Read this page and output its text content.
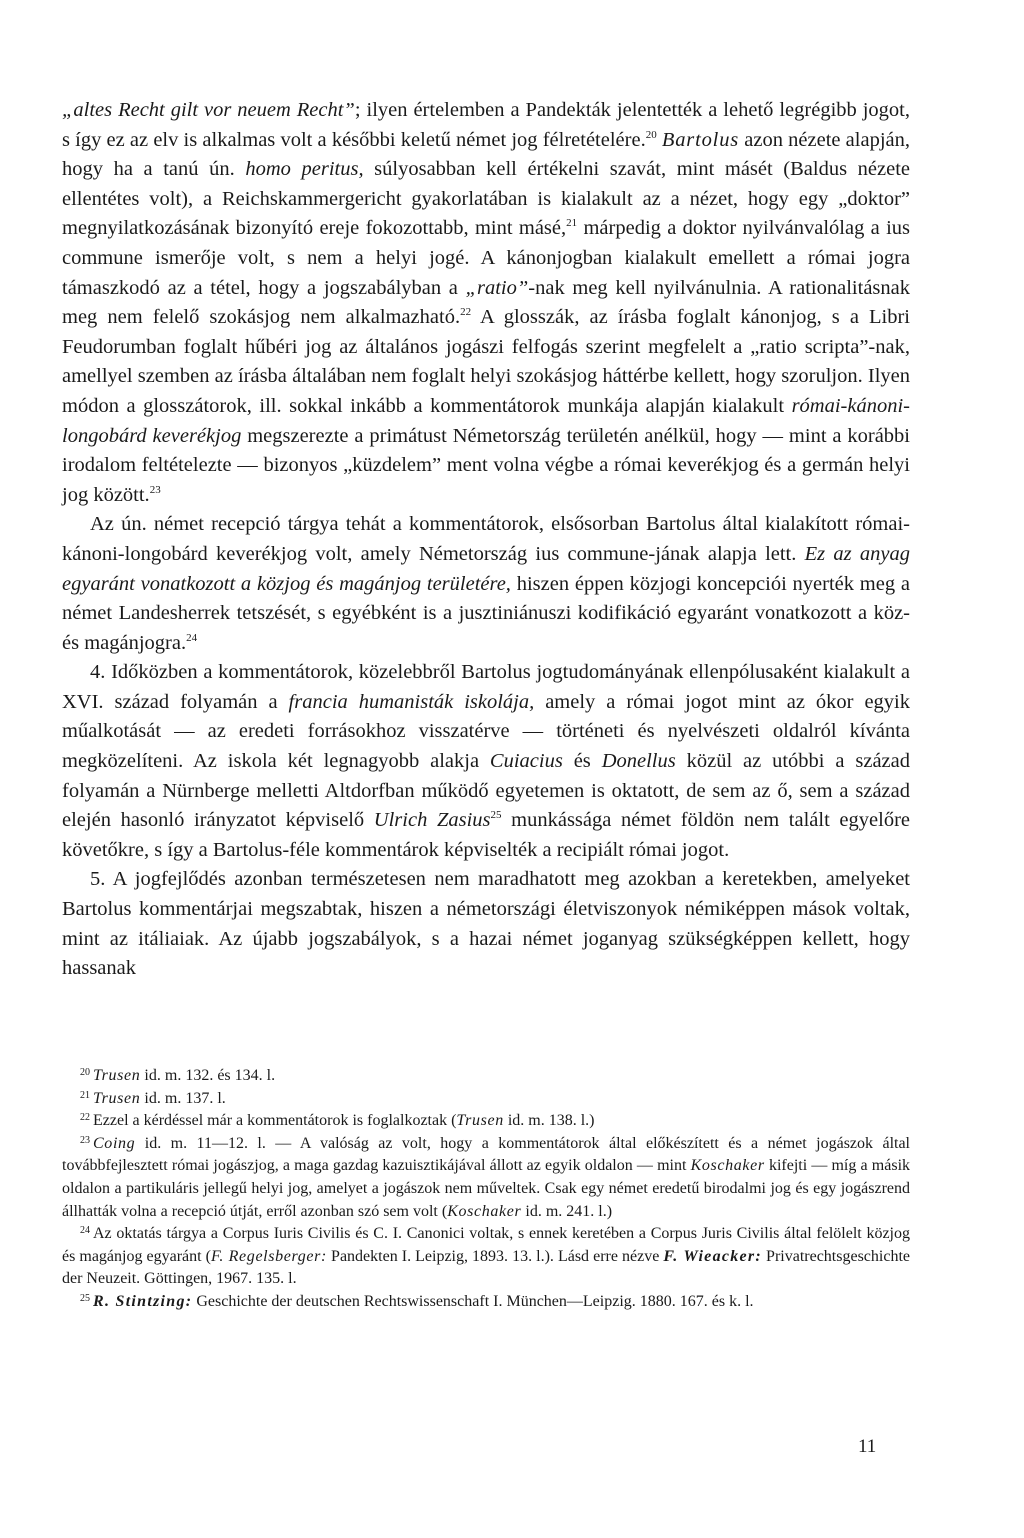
„altes Recht gilt vor neuem Recht”; ilyen értelemben a Pandekták jelentették a lehető legrégibb jogot, s így ez az elv is alkalmas volt a későbbi keletű német jog félretételére.$^{20}$ Bartolus azon nézete alapján, hogy ha a tanú ún. homo peritus, súlyosabban kell értékelni szavát, mint másét (Baldus nézete ellentétes volt), a Reichskammergericht gyakorlatában is kialakult az a nézet, hogy egy „doktor” megnyilatkozásának bizonyító ereje fokozottabb, mint másé,$^{21}$ márpedig a doktor nyilvánvalólag a ius commune ismerője volt, s nem a helyi jogé. A kánonjogban kialakult emellett a római jogra támaszkodó az a tétel, hogy a jogszabályban a „ratio”-nak meg kell nyilvánulnia. A rationalitásnak meg nem felelő szokásjog nem alkalmazható.$^{22}$ A glosszák, az írásba foglalt kánonjog, s a Libri Feudorumban foglalt hűbéri jog az általános jogászi felfogás szerint megfelelt a „ratio scripta”-nak, amellyel szemben az írásba általában nem foglalt helyi szokásjog háttérbe kellett, hogy szoruljon. Ilyen módon a glosszátorok, ill. sokkal inkább a kommentátorok munkája alapján kialakult római-kánoni-longobárd keverékjog megszerezte a primátust Németország területén anélkül, hogy — mint a korábbi irodalom feltételezte — bizonyos „küzdelem” ment volna végbe a római keverékjog és a germán helyi jog között.$^{23}$

Az ún. német recepció tárgya tehát a kommentátorok, elsősorban Bartolus által kialakított római-kánoni-longobárd keverékjog volt, amely Németország ius commune-jának alapja lett. Ez az anyag egyaránt vonatkozott a közjog és magánjog területére, hiszen éppen közjogi koncepciói nyerték meg a német Landesherrek tetszését, s egyébként is a jusztiniánuszi kodifikáció egyaránt vonatkozott a köz- és magánjogra.$^{24}$

4. Időközben a kommentátorok, közelebbről Bartolus jogtudományának ellenpólusaként kialakult a XVI. század folyamán a francia humanisták iskolája, amely a római jogot mint az ókor egyik műalkotását — az eredeti forrásokhoz visszatérve — történeti és nyelvészeti oldalról kívánta megközelíteni. Az iskola két legnagyobb alakja Cuiacius és Donellus közül az utóbbi a század folyamán a Nürnberge melletti Altdorfban működő egyetemen is oktatott, de sem az ő, sem a század elején hasonló irányzatot képviselő Ulrich Zasius$^{25}$ munkássága német földön nem talált egyelőre követőkre, s így a Bartolus-féle kommentárok képviselték a recipiált római jogot.

5. A jogfejlődés azonban természetesen nem maradhatott meg azokban a keretekben, amelyeket Bartolus kommentárjai megszabtak, hiszen a németországi életviszonyok némiképpen mások voltak, mint az itáliaiak. Az újabb jogszabályok, s a hazai német joganyag szükségképpen kellett, hogy hassanak

$^{20}$ Trusen id. m. 132. és 134. l.

$^{21}$ Trusen id. m. 137. l.

$^{22}$ Ezzel a kérdéssel már a kommentátorok is foglalkoztak (Trusen id. m. 138. l.)

$^{23}$ Coing id. m. 11—12. l. — A valóság az volt, hogy a kommentátorok által előkészített és a német jogászok által továbbfejlesztett római jogászjog, a maga gazdag kazuisztikájával állott az egyik oldalon — mint Koschaker kifejti — míg a másik oldalon a partikuláris jellegű helyi jog, amelyet a jogászok nem műveltek. Csak egy német eredetű birodalmi jog és egy jogászrend állhatták volna a recepció útját, erről azonban szó sem volt (Koschaker id. m. 241. l.)

$^{24}$ Az oktatás tárgya a Corpus Iuris Civilis és C. I. Canonici voltak, s ennek keretében a Corpus Juris Civilis által felölelt közjog és magánjog egyaránt (F. Regelsberger: Pandekten I. Leipzig, 1893. 13. l.). Lásd erre nézve F. Wieacker: Privatrechtsgeschichte der Neuzeit. Göttingen, 1967. 135. l.

$^{25}$ R. Stintzing: Geschichte der deutschen Rechtswissenschaft I. München—Leipzig. 1880. 167. és k. l.

11
